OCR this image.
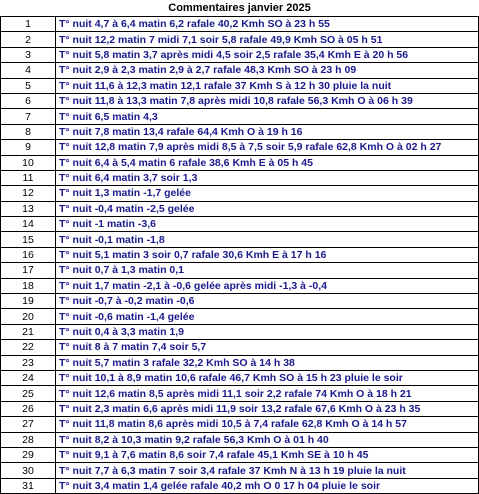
Commentaires janvier 2025
1	T° nuit 4,7 à 6,4 matin 6,2 rafale 40,2 Kmh SO à 23 h 55
2	T° nuit 12,2 matin 7 midi 7,1 soir 5,8 rafale 49,9 Kmh SO à 05 h 51
3	T° nuit 5,8 matin 3,7 après midi 4,5 soir 2,5 rafale 35,4 Kmh E à 20 h 56
4	T° nuit 2,9 à 2,3 matin 2,9 à 2,7 rafale 48,3 Kmh SO à 23 h 09
5	T° nuit 11,6 à 12,3 matin 12,1 rafale 37 Kmh S à 12 h 30 pluie la nuit
6	T° nuit 11,8 à 13,3 matin 7,8 après midi 10,8 rafale 56,3 Kmh O à 06 h 39
7	T° nuit 6,5 matin 4,3
8	T° nuit 7,8 matin 13,4 rafale 64,4 Kmh O à 19 h 16
9	T° nuit 12,8 matin 7,9 après midi 8,5 à 7,5 soir 5,9 rafale 62,8 Kmh O à 02 h 27
10	T° nuit 6,4 à 5,4 matin 6 rafale 38,6 Kmh E à 05 h 45
11	T° nuit 6,4 matin 3,7 soir 1,3
12	T° nuit 1,3 matin -1,7 gelée
13	T° nuit -0,4 matin -2,5 gelée
14	T° nuit -1 matin -3,6
15	T° nuit -0,1 matin -1,8
16	T° nuit 5,1 matin 3 soir 0,7 rafale 30,6 Kmh E à 17 h 16
17	T° nuit 0,7 à 1,3 matin 0,1
18	T° nuit 1,7 matin -2,1 à -0,6 gelée après midi -1,3 à -0,4
19	T° nuit -0,7 à -0,2 matin -0,6
20	T° nuit -0,6 matin -1,4 gelée
21	T° nuit 0,4 à 3,3 matin 1,9
22	T° nuit 8 à 7 matin 7,4 soir 5,7
23	T° nuit 5,7 matin 3 rafale 32,2 Kmh SO à 14 h 38
24	T° nuit 10,1 à 8,9 matin 10,6 rafale 46,7 Kmh SO à 15 h 23 pluie le soir
25	T° nuit 12,6 matin 8,5 après midi 11,1 soir 2,2 rafale 74 Kmh O à 18 h 21
26	T° nuit 2,3 matin 6,6 après midi 11,9 soir 13,2 rafale 67,6 Kmh O à 23 h 35
27	T° nuit 11,8 matin 8,6 après midi 10,5 à 7,4 rafale 62,8 Kmh O à 14 h 57
28	T° nuit 8,2 à 10,3 matin 9,2 rafale 56,3 Kmh O à 01 h 40
29	T° nuit 9,1 à 7,6 matin 8,6 soir 7,4 rafale 45,1 Kmh SE à 10 h 45
30	T° nuit 7,7 à 6,3 matin 7 soir 3,4 rafale 37 Kmh N à 13 h 19 pluie la nuit
31	T° nuit 3,4 matin 1,4 gelée rafale 40,2 mh O 0 17 h 04 pluie le soir
